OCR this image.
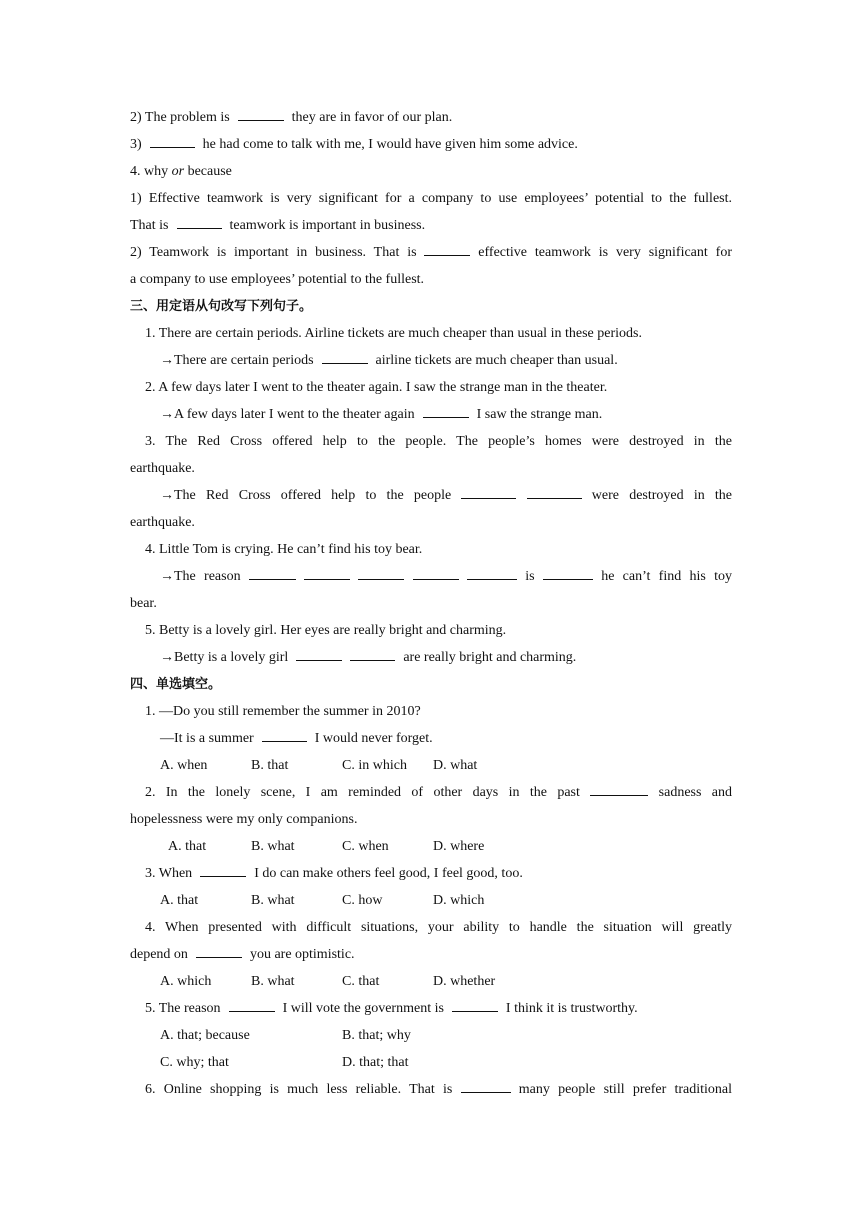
2) The problem is	they are in favor of our plan.
3)	he had come to talk with me, I would have given him some advice.
4. why or because
1) Effective teamwork is very significant for a company to use employees’ potential to the fullest.
That is	teamwork is important in business.
2) Teamwork is important in business. That is	effective teamwork is very significant for
a company to use employees’ potential to the fullest.
三、用定语从句改写下列句子。
1. There are certain periods. Airline tickets are much cheaper than usual in these periods.
→There are certain periods	airline tickets are much cheaper than usual.
2. A few days later I went to the theater again. I saw the strange man in the theater.
→A few days later I went to the theater again	I saw the strange man.
3. The Red Cross offered help to the people. The people’s homes were destroyed in the
earthquake.
→The Red Cross offered help to the people	were destroyed in the
earthquake.
4. Little Tom is crying. He can’t find his toy bear.
→The reason	is	he can’t find his toy
bear.
5. Betty is a lovely girl. Her eyes are really bright and charming.
→Betty is a lovely girl	are really bright and charming.
四、单选填空。
1. —Do you still remember the summer in 2010?
—It is a summer	I would never forget.
A. when	B. that	C. in which	D. what
2. In the lonely scene, I am reminded of other days in the past	sadness and
hopelessness were my only companions.
A. that	B. what	C. when	D. where
3. When	I do can make others feel good, I feel good, too.
A. that	B. what	C. how	D. which
4. When presented with difficult situations, your ability to handle the situation will greatly
depend on	you are optimistic.
A. which	B. what	C. that	D. whether
5. The reason	I will vote the government is	I think it is trustworthy.
A. that; because	B. that; why
C. why; that	D. that; that
6. Online shopping is much less reliable. That is	many people still prefer traditional
